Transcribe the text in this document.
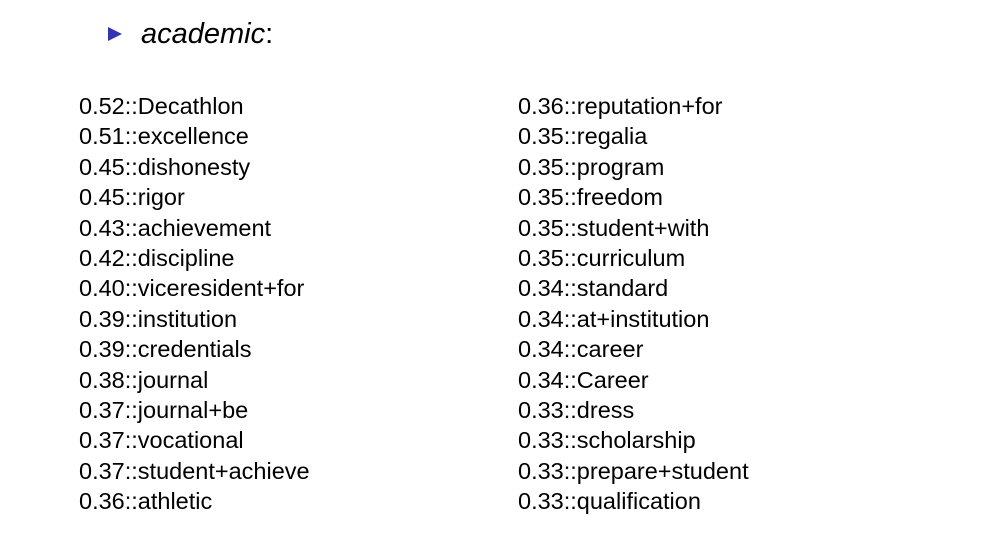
academic:
0.52::Decathlon
0.51::excellence
0.45::dishonesty
0.45::rigor
0.43::achievement
0.42::discipline
0.40::viceresident+for
0.39::institution
0.39::credentials
0.38::journal
0.37::journal+be
0.37::vocational
0.37::student+achieve
0.36::athletic
0.36::reputation+for
0.35::regalia
0.35::program
0.35::freedom
0.35::student+with
0.35::curriculum
0.34::standard
0.34::at+institution
0.34::career
0.34::Career
0.33::dress
0.33::scholarship
0.33::prepare+student
0.33::qualification
